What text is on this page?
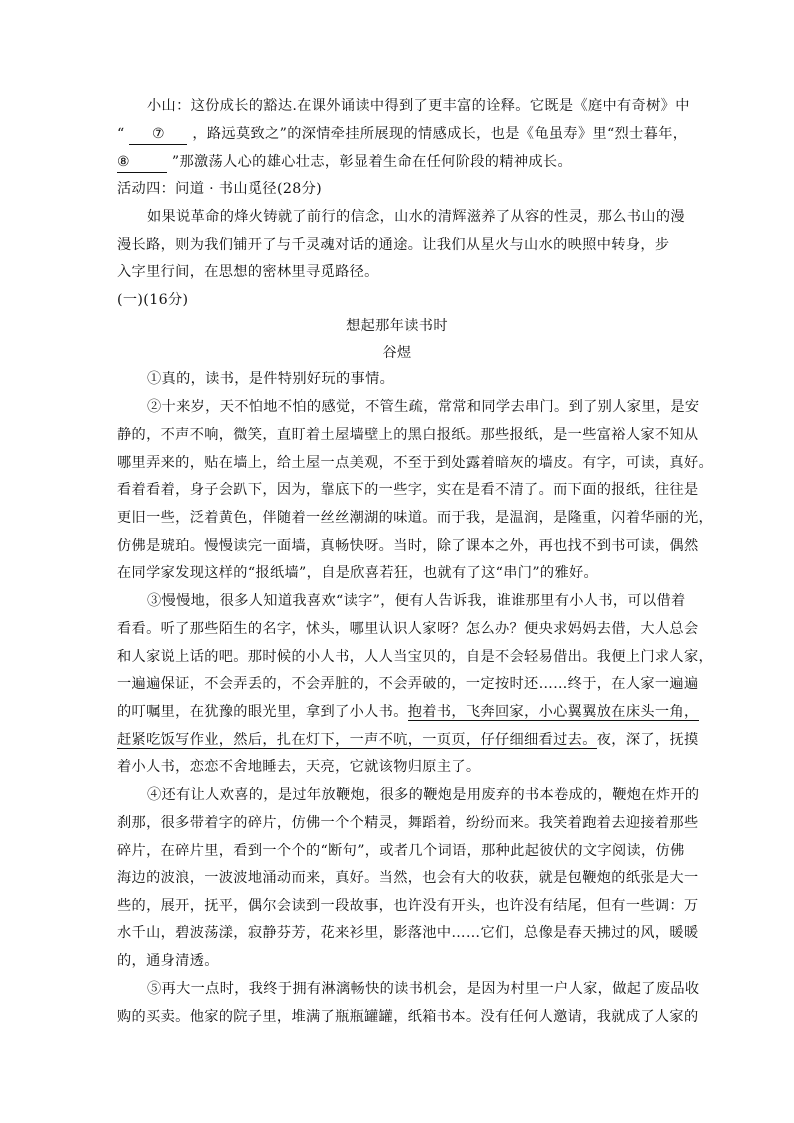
小山：这份成长的豁达.在课外诵读中得到了更丰富的诠释。它既是《庭中有奇树》中
“ ⑦ ，路远莫致之”的深情牵挂所展现的情感成长，也是《龟虽寿》里“烈士暮年，
⑧	”那激荡人心的雄心壮志，彰显着生命在任何阶段的精神成长。
活动四：问道 · 书山觅径(28分)
如果说革命的烽火铸就了前行的信念，山水的清辉滋养了从容的性灵，那么书山的漫
漫长路，则为我们铺开了与千灵魂对话的通途。让我们从星火与山水的映照中转身，步
入字里行间，在思想的密林里寻觅路径。
(一)(16分)
想起那年读书时
谷煜
①真的，读书，是件特别好玩的事情。
②十来岁，天不怕地不怕的感觉，不管生疏，常常和同学去串门。到了别人家里，是安
静的，不声不响，微笑，直盯着土屋墙壁上的黑白报纸。那些报纸，是一些富裕人家不知从
哪里弄来的，贴在墙上，给土屋一点美观，不至于到处露着暗灰的墙皮。有字，可读，真好。
看着看着，身子会趴下，因为，靠底下的一些字，实在是看不清了。而下面的报纸，往往是
更旧一些，泛着黄色，伴随着一丝丝潮湖的味道。而于我，是温润，是隆重，闪着华丽的光，
仿佛是琥珀。慢慢读完一面墙，真畅快呀。当时，除了课本之外，再也找不到书可读，偶然
在同学家发现这样的“报纸墙”，自是欣喜若狂，也就有了这“串门”的雅好。
③慢慢地，很多人知道我喜欢“读字”，便有人告诉我，谁谁那里有小人书，可以借着
看看。听了那些陌生的名字，怵头，哪里认识人家呀？怎么办？便央求妈妈去借，大人总会
和人家说上话的吧。那时候的小人书，人人当宝贝的，自是不会轻易借出。我便上门求人家，
一遍遍保证，不会弄丢的，不会弄脏的，不会弄破的，一定按时还……终于，在人家一遍遍
的叮嘱里，在犹豫的眼光里，拿到了小人书。抱着书，飞奔回家，小心翼翼放在床头一角，
赶紧吃饭写作业，然后，扎在灯下，一声不吭，一页页，仔仔细细看过去。夜，深了，抚摸
着小人书，恋恋不舍地睡去，天亮，它就该物归原主了。
④还有让人欢喜的，是过年放鞭炮，很多的鞭炮是用废弃的书本卷成的，鞭炮在炸开的
刹那，很多带着字的碎片，仿佛一个个精灵，舞蹈着，纷纷而来。我笑着跑着去迎接着那些
碎片，在碎片里，看到一个个的“断句”，或者几个词语，那种此起彼伏的文字阅读，仿佛
海边的波浪，一波波地涌动而来，真好。当然，也会有大的收获，就是包鞭炮的纸张是大一
些的，展开，抚平，偶尔会读到一段故事，也许没有开头，也许没有结尾，但有一些调：万
水千山，碧波荡漾，寂静芬芳，花来衫里，影落池中……它们，总像是春天拂过的风，暖暖
的，通身清透。
⑤再大一点时，我终于拥有淋漓畅快的读书机会，是因为村里一户人家，做起了废品收
购的买卖。他家的院子里，堆满了瓶瓶罐罐，纸箱书本。没有任何人邀请，我就成了人家的
